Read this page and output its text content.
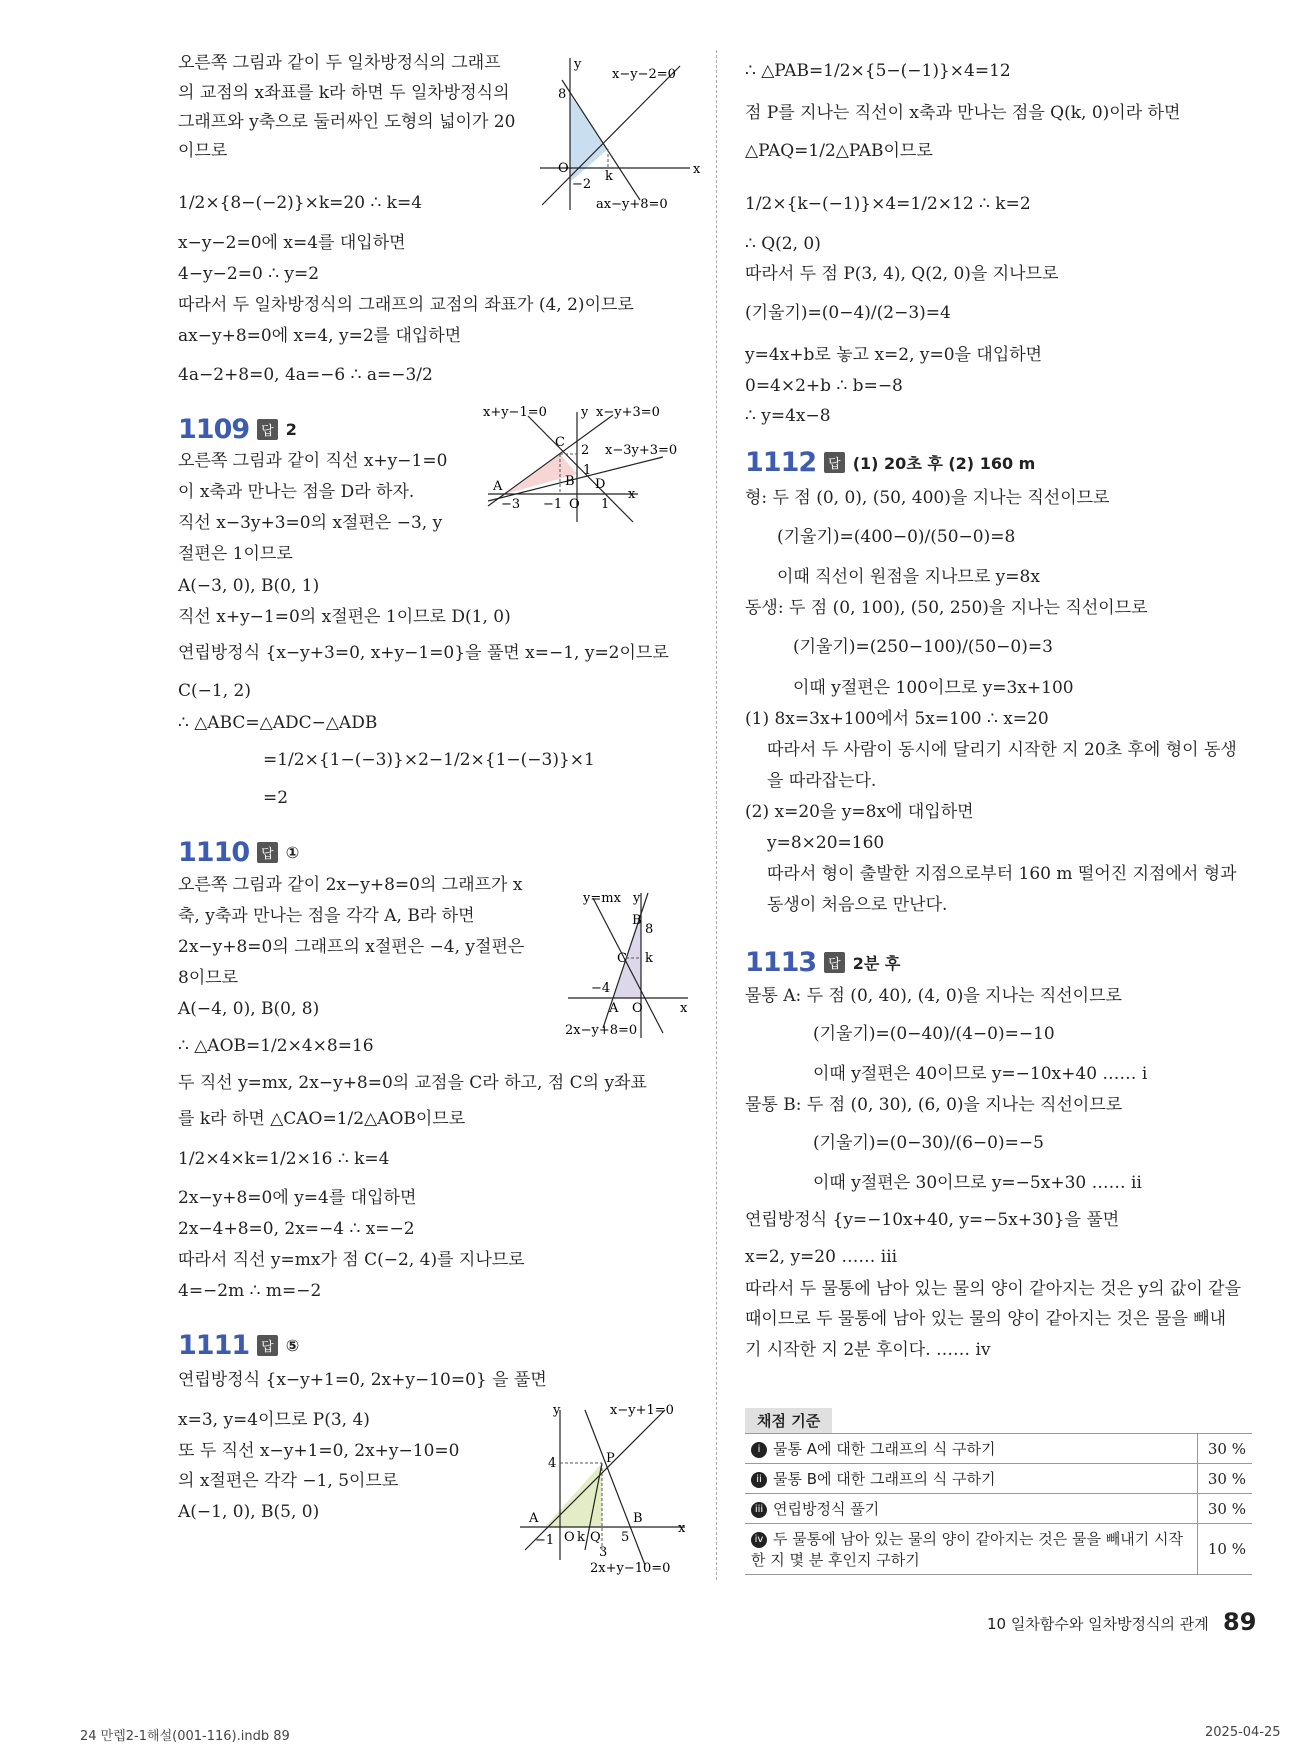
오른쪽 그림과 같이 두 일차방정식의 그래프
의 교점의 x좌표를 k라 하면 두 일차방정식의
그래프와 y축으로 둘러싸인 도형의 넓이가 20
이므로
1/2×{8−(−2)}×k=20 ∴ k=4
x−y−2=0에 x=4를 대입하면
4−y−2=0 ∴ y=2
따라서 두 일차방정식의 그래프의 교점의 좌표가 (4, 2)이므로
ax−y+8=0에 x=4, y=2를 대입하면
4a−2+8=0, 4a=−6 ∴ a=−3/2
1109 답 2
오른쪽 그림과 같이 직선 x+y−1=0
이 x축과 만나는 점을 D라 하자.
직선 x−3y+3=0의 x절편은 −3, y
절편은 1이므로
A(−3, 0), B(0, 1)
직선 x+y−1=0의 x절편은 1이므로 D(1, 0)
연립방정식 {x−y+3=0, x+y−1=0}을 풀면 x=−1, y=2이므로
C(−1, 2)
∴ △ABC=△ADC−△ADB
=1/2×{1−(−3)}×2−1/2×{1−(−3)}×1
=2
1110 답 ①
오른쪽 그림과 같이 2x−y+8=0의 그래프가 x
축, y축과 만나는 점을 각각 A, B라 하면
2x−y+8=0의 그래프의 x절편은 −4, y절편은
8이므로
A(−4, 0), B(0, 8)
∴ △AOB=1/2×4×8=16
두 직선 y=mx, 2x−y+8=0의 교점을 C라 하고, 점 C의 y좌표
를 k라 하면 △CAO=1/2△AOB이므로
1/2×4×k=1/2×16 ∴ k=4
2x−y+8=0에 y=4를 대입하면
2x−4+8=0, 2x=−4 ∴ x=−2
따라서 직선 y=mx가 점 C(−2, 4)를 지나므로
4=−2m ∴ m=−2
1111 답 ⑤
연립방정식 {x−y+1=0, 2x+y−10=0} 을 풀면
x=3, y=4이므로 P(3, 4)
또 두 직선 x−y+1=0, 2x+y−10=0
의 x절편은 각각 −1, 5이므로
A(−1, 0), B(5, 0)
y
x
O
8
−2
k
x−y−2=0
ax−y+8=0
x+y−1=0	y x−y+3=0
x−3y+3=0
C
2
1
B D
A
−3 −1 O 1
x
y=mx y
B
8
C k
−4
A O	x
2x−y+8=0
y	x−y+1=0
4	P
A
−1 O k Q
3
5
B
x
2x+y−10=0
∴ △PAB=1/2×{5−(−1)}×4=12
점 P를 지나는 직선이 x축과 만나는 점을 Q(k, 0)이라 하면
△PAQ=1/2△PAB이므로
1/2×{k−(−1)}×4=1/2×12 ∴ k=2
∴ Q(2, 0)
따라서 두 점 P(3, 4), Q(2, 0)을 지나므로
(기울기)=(0−4)/(2−3)=4
y=4x+b로 놓고 x=2, y=0을 대입하면
0=4×2+b ∴ b=−8
∴ y=4x−8
1112 답 (1) 20초 후 (2) 160 m
형: 두 점 (0, 0), (50, 400)을 지나는 직선이므로
(기울기)=(400−0)/(50−0)=8
이때 직선이 원점을 지나므로 y=8x
동생: 두 점 (0, 100), (50, 250)을 지나는 직선이므로
(기울기)=(250−100)/(50−0)=3
이때 y절편은 100이므로 y=3x+100
(1) 8x=3x+100에서 5x=100 ∴ x=20
따라서 두 사람이 동시에 달리기 시작한 지 20초 후에 형이 동생
을 따라잡는다.
(2) x=20을 y=8x에 대입하면
y=8×20=160
따라서 형이 출발한 지점으로부터 160 m 떨어진 지점에서 형과
동생이 처음으로 만난다.
1113 답 2분 후
물통 A: 두 점 (0, 40), (4, 0)을 지나는 직선이므로
(기울기)=(0−40)/(4−0)=−10
이때 y절편은 40이므로 y=−10x+40 …… ⅰ
물통 B: 두 점 (0, 30), (6, 0)을 지나는 직선이므로
(기울기)=(0−30)/(6−0)=−5
이때 y절편은 30이므로 y=−5x+30 …… ⅱ
연립방정식 {y=−10x+40, y=−5x+30}을 풀면
x=2, y=20 …… ⅲ
따라서 두 물통에 남아 있는 물의 양이 같아지는 것은 y의 값이 같을
때이므로 두 물통에 남아 있는 물의 양이 같아지는 것은 물을 빼내
기 시작한 지 2분 후이다. …… ⅳ
채점 기준
i 물통 A에 대한 그래프의 식 구하기	30 %
ii 물통 B에 대한 그래프의 식 구하기	30 %
iii 연립방정식 풀기	30 %
iv 두 물통에 남아 있는 물의 양이 같아지는 것은 물을 빼내기 시작한 지 몇 분 후인지 구하기	10 %
10 일차함수와 일차방정식의 관계 89
24 만렙2-1해설(001-116).indb 89	2025-04-25
